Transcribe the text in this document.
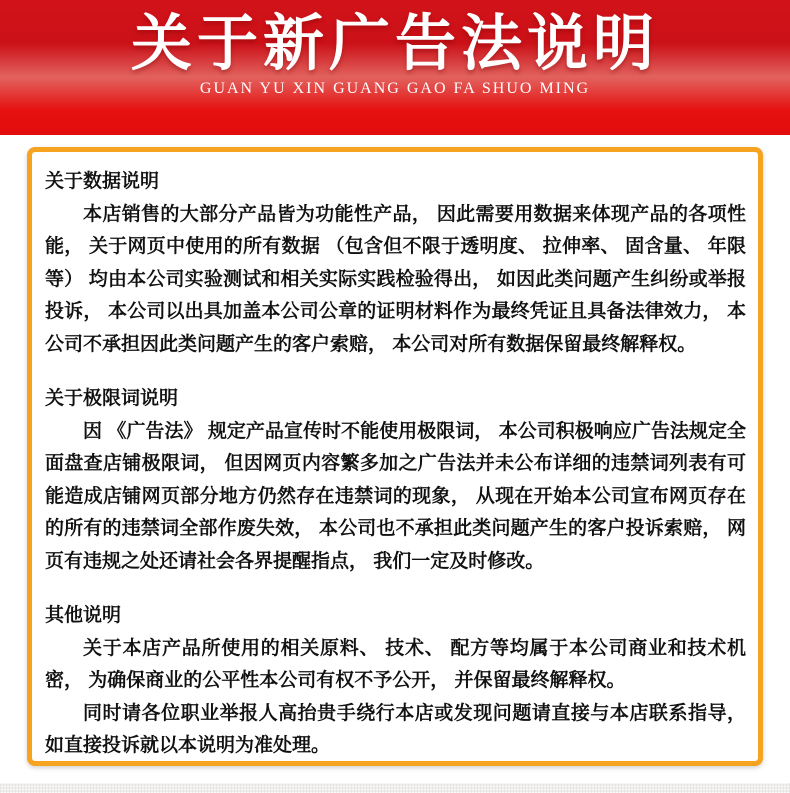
关于新广告法说明
GUAN YU XIN GUANG GAO FA SHUO MING
关于数据说明

本店销售的大部分产品皆为功能性产品， 因此需要用数据来体现产品的各项性能， 关于网页中使用的所有数据 （包含但不限于透明度、 拉伸率、 固含量、 年限等） 均由本公司实验测试和相关实际实践检验得出， 如因此类问题产生纠纷或举报投诉， 本公司以出具加盖本公司公章的证明材料作为最终凭证且具备法律效力， 本公司不承担因此类问题产生的客户索赔， 本公司对所有数据保留最终解释权。

关于极限词说明

因 《广告法》 规定产品宣传时不能使用极限词， 本公司积极响应广告法规定全面盘查店铺极限词， 但因网页内容繁多加之广告法并未公布详细的违禁词列表有可能造成店铺网页部分地方仍然存在违禁词的现象， 从现在开始本公司宣布网页存在的所有的违禁词全部作废失效， 本公司也不承担此类问题产生的客户投诉索赔， 网页有违规之处还请社会各界提醒指点， 我们一定及时修改。

其他说明

关于本店产品所使用的相关原料、 技术、 配方等均属于本公司商业和技术机密， 为确保商业的公平性本公司有权不予公开， 并保留最终解释权。

同时请各位职业举报人高抬贵手绕行本店或发现问题请直接与本店联系指导， 如直接投诉就以本说明为准处理。
